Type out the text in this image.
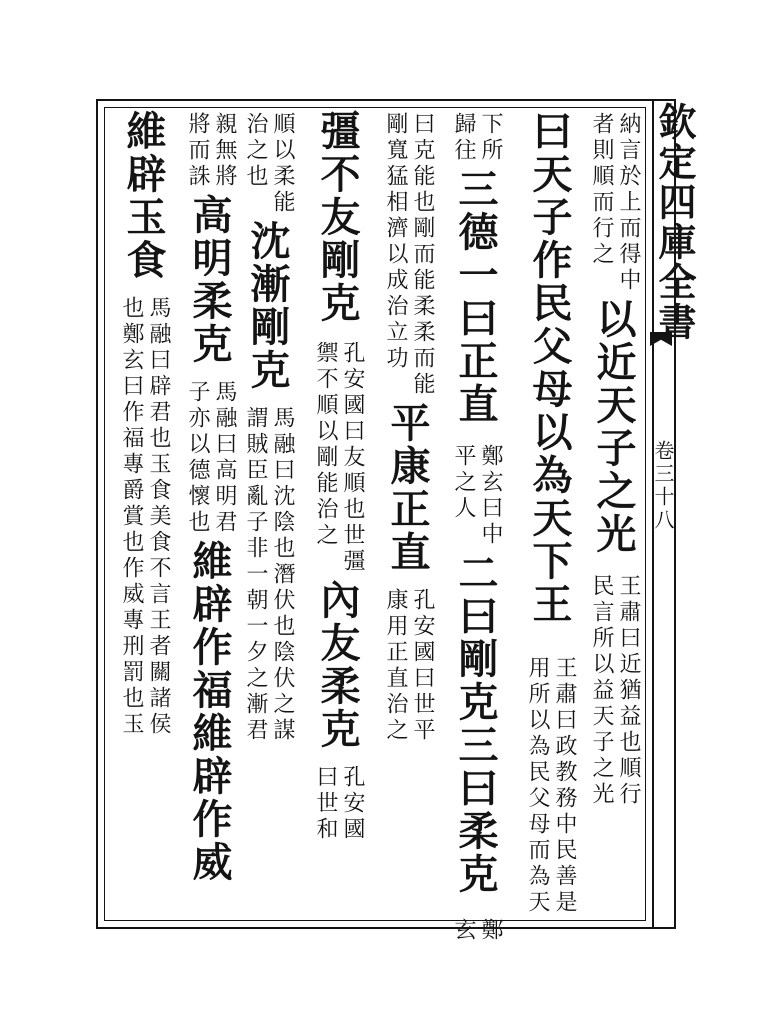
欽定四庫全書
卷三十八
納言於上而得中
者則順而行之
以近天子之光
王肅曰近猶益也順行
民言所以益天子之光
曰天子作民父母以為天下王
王肅曰政教務中民善是
用所以為民父母而為天
下所
歸往
三德一曰正直
鄭玄曰中
平之人
二曰剛克三曰柔克
鄭
玄
曰克能也剛而能柔柔而能
剛寬猛相濟以成治立功
平康正直
孔安國曰世平
康用正直治之
彊不友剛克
孔安國曰友順也世彊
禦不順以剛能治之
內友柔克
孔安國
曰世和
順以柔能
治之也
沈漸剛克
馬融曰沈陰也潛伏也陰伏之謀
謂賊臣亂子非一朝一夕之漸君
親無將
將而誅
高明柔克
馬融曰高明君
子亦以德懷也
維辟作福維辟作威
維辟玉食
馬融曰辟君也玉食美食不言王者關諸侯
也鄭玄曰作福專爵賞也作威專刑罰也玉
